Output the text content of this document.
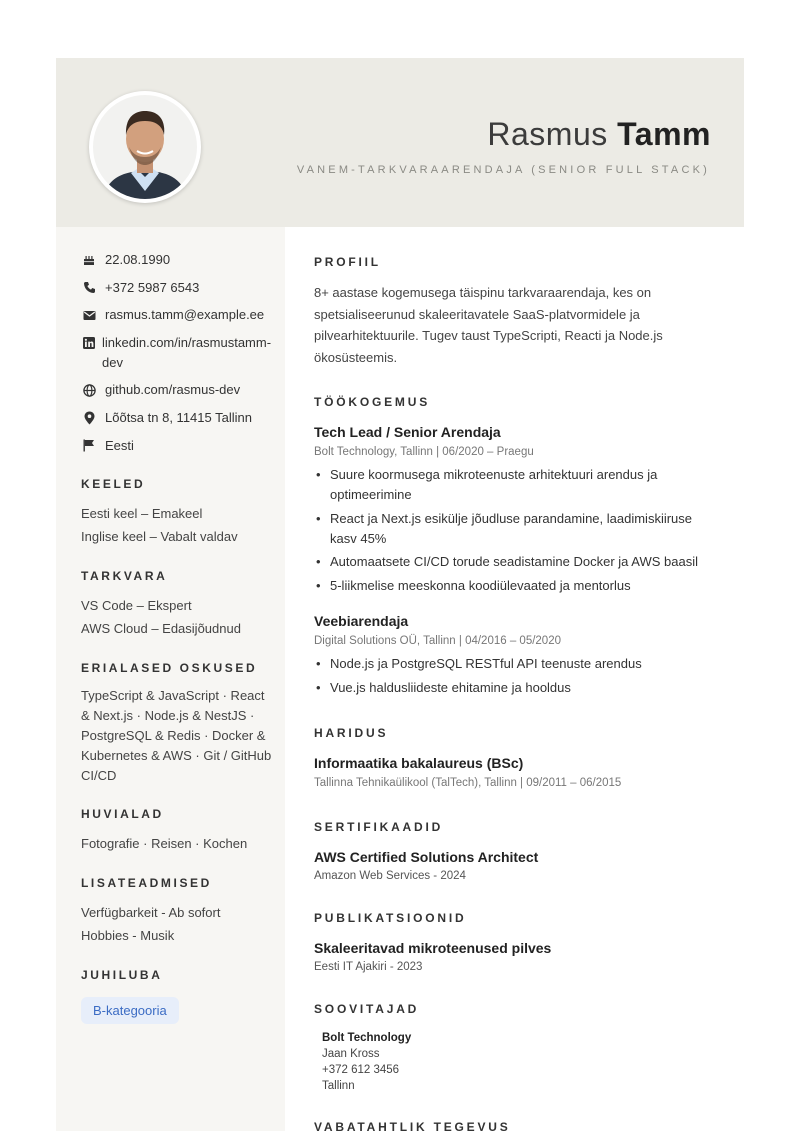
Rasmus Tamm
VANEM-TARKVARAARENDAJA (SENIOR FULL STACK)
22.08.1990
+372 5987 6543
rasmus.tamm@example.ee
linkedin.com/in/rasmustamm-dev
github.com/rasmus-dev
Lõõtsa tn 8, 11415 Tallinn
Eesti
KEELED
Eesti keel – Emakeel
Inglise keel – Vabalt valdav
TARKVARA
VS Code – Ekspert
AWS Cloud – Edasijõudnud
ERIALASED OSKUSED
TypeScript & JavaScript · React & Next.js · Node.js & NestJS · PostgreSQL & Redis · Docker & Kubernetes & AWS · Git / GitHub CI/CD
HUVIALAD
Fotografie · Reisen · Kochen
LISATEADMISED
Verfügbarkeit - Ab sofort
Hobbies - Musik
JUHILUBA
B-kategooria
PROFIIL
8+ aastase kogemusega täispinu tarkvaraarendaja, kes on spetsialiseerunud skaleeritavatele SaaS-platvormidele ja pilvearhitektuurile. Tugev taust TypeScripti, Reacti ja Node.js ökosüsteemis.
TÖÖKOGEMUS
Tech Lead / Senior Arendaja
Bolt Technology, Tallinn | 06/2020 – Praegu
• Suure koormusega mikroteenuste arhitektuuri arendus ja optimeerimine
• React ja Next.js esikülje jõudluse parandamine, laadimiskiiruse kasv 45%
• Automaatsete CI/CD torude seadistamine Docker ja AWS baasil
• 5-liikmelise meeskonna koodiülevaated ja mentorlus
Veebiarendaja
Digital Solutions OÜ, Tallinn | 04/2016 – 05/2020
• Node.js ja PostgreSQL RESTful API teenuste arendus
• Vue.js haldusliideste ehitamine ja hooldus
HARIDUS
Informaatika bakalaureus (BSc)
Tallinna Tehnikaülikool (TalTech), Tallinn | 09/2011 – 06/2015
SERTIFIKAADID
AWS Certified Solutions Architect
Amazon Web Services - 2024
PUBLIKATSIOONID
Skaleeritavad mikroteenused pilves
Eesti IT Ajakiri - 2023
SOOVITAJAD
Bolt Technology
Jaan Kross
+372 612 3456
Tallinn
VABATAHTLIK TEGEVUS
